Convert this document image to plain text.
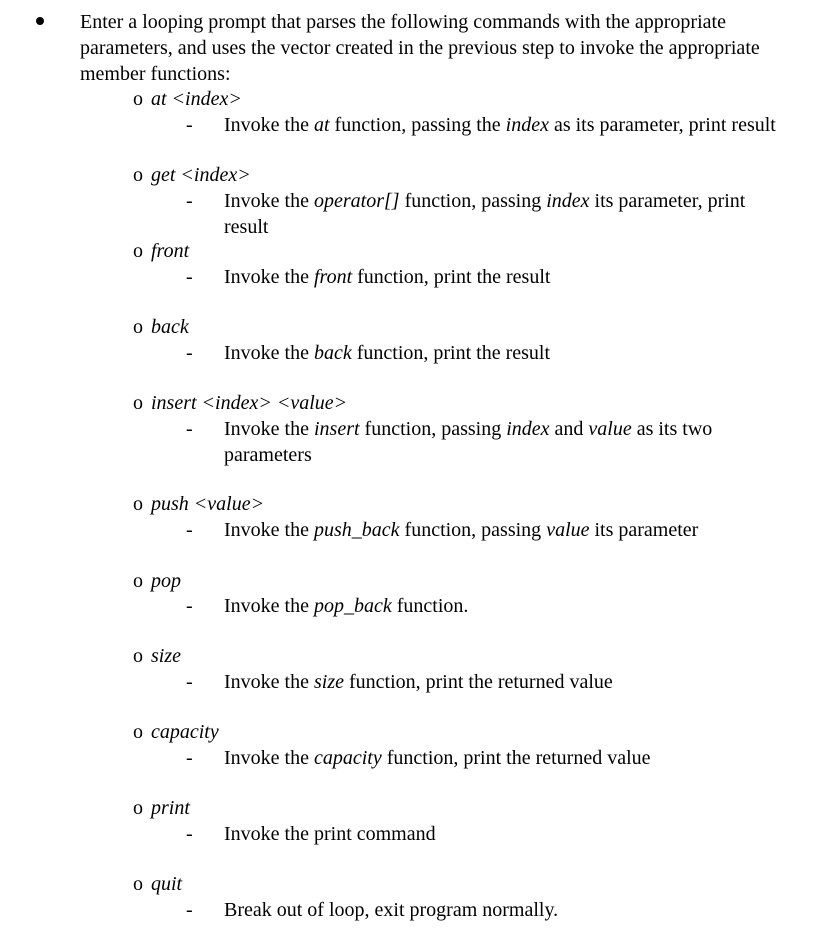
Enter a looping prompt that parses the following commands with the appropriate
parameters, and uses the vector created in the previous step to invoke the appropriate
member functions:
o at <index>
- Invoke the at function, passing the index as its parameter, print result
o get <index>
- Invoke the operator[] function, passing index its parameter, print
result
o front
- Invoke the front function, print the result
o back
- Invoke the back function, print the result
o insert <index> <value>
- Invoke the insert function, passing index and value as its two
parameters
o push <value>
- Invoke the push_back function, passing value its parameter
o pop
- Invoke the pop_back function.
o size
- Invoke the size function, print the returned value
o capacity
- Invoke the capacity function, print the returned value
o print
- Invoke the print command
o quit
- Break out of loop, exit program normally.
